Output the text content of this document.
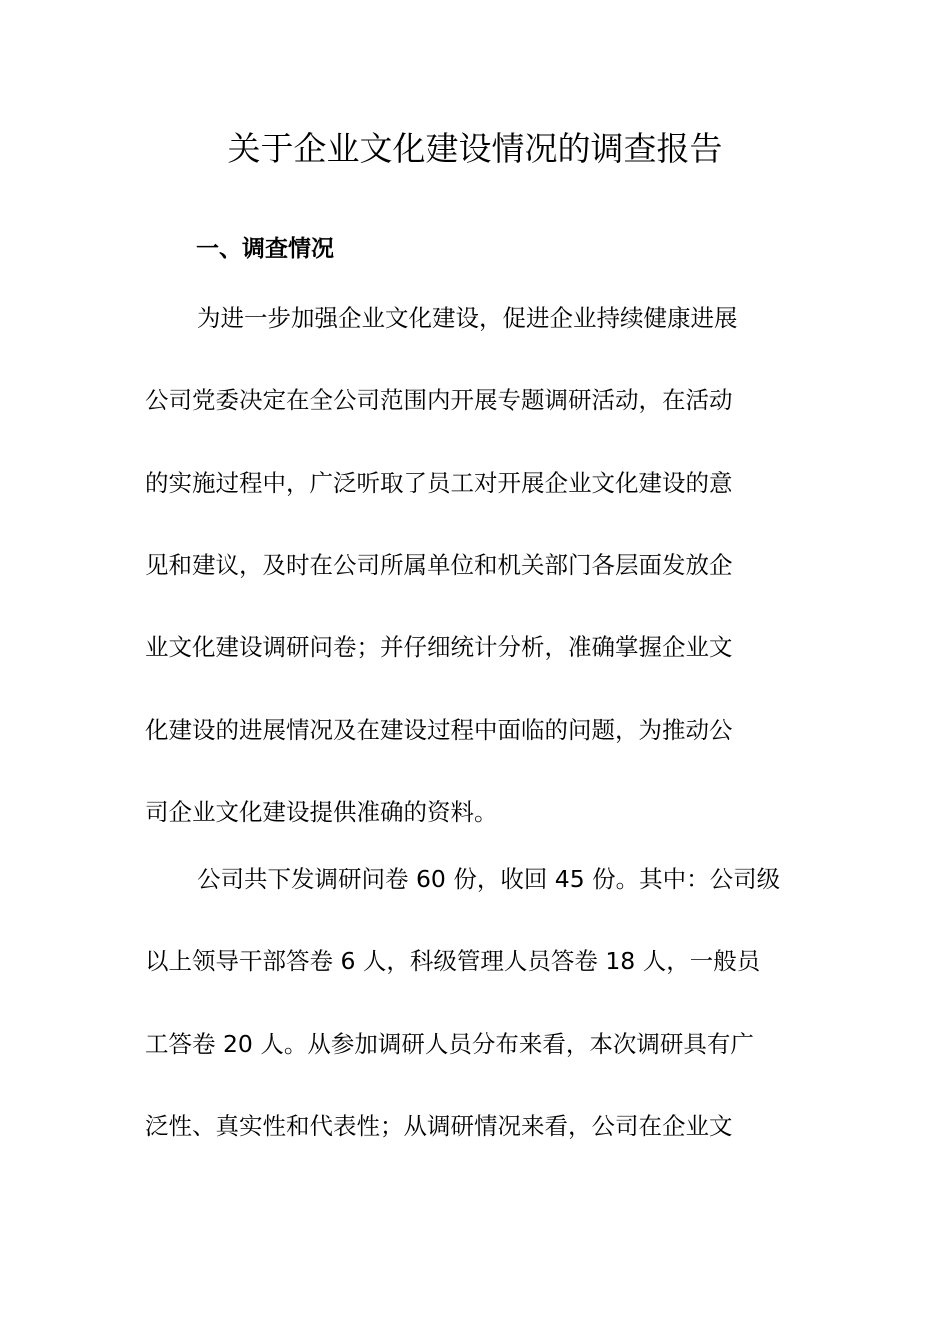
关于企业文化建设情况的调查报告
一、调查情况

为进一步加强企业文化建设，促进企业持续健康进展

公司党委决定在全公司范围内开展专题调研活动，在活动

的实施过程中，广泛听取了员工对开展企业文化建设的意

见和建议，及时在公司所属单位和机关部门各层面发放企

业文化建设调研问卷；并仔细统计分析，准确掌握企业文

化建设的进展情况及在建设过程中面临的问题，为推动公

司企业文化建设提供准确的资料。

公司共下发调研问卷 60 份，收回 45 份。其中：公司级

以上领导干部答卷 6 人，科级管理人员答卷 18 人，一般员

工答卷 20 人。从参加调研人员分布来看，本次调研具有广

泛性、真实性和代表性；从调研情况来看，公司在企业文
